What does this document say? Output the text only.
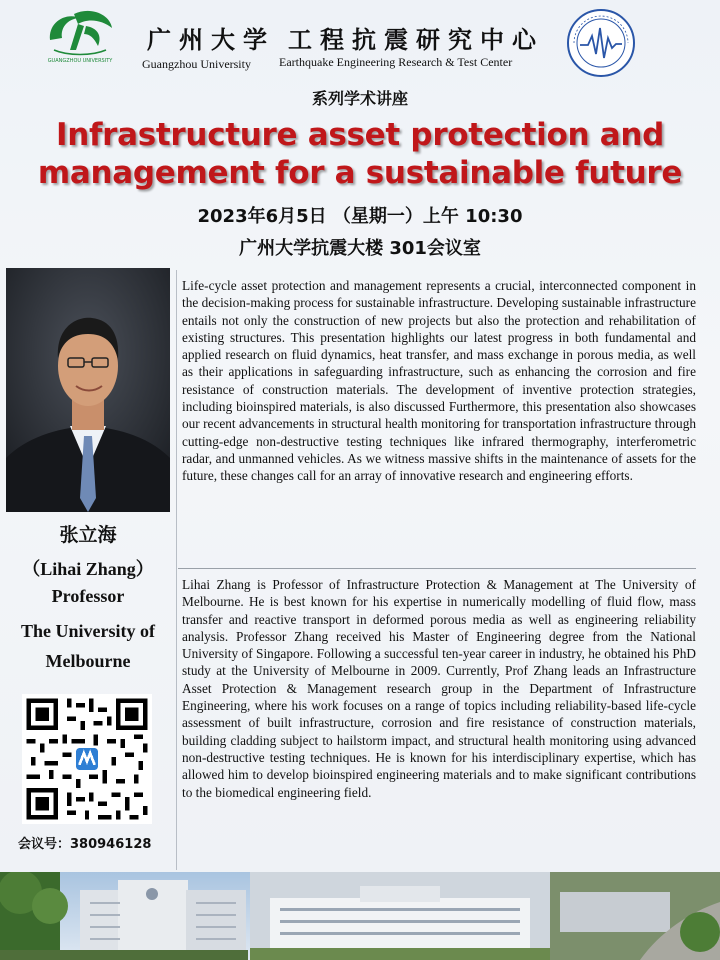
GUANGZHOU UNIVERSITY
广州大学
Guangzhou University
工程抗震研究中心
Earthquake Engineering Research & Test Center
系列学术讲座
Infrastructure asset protection and management for a sustainable future
2023年6月5日 （星期一）上午 10:30
广州大学抗震大楼 301会议室
张立海
（Lihai Zhang）
Professor
The University of Melbourne
会议号：380946128
Life-cycle asset protection and management represents a crucial, interconnected component in the decision-making process for sustainable infrastructure. Developing sustainable infrastructure entails not only the construction of new projects but also the protection and rehabilitation of existing structures. This presentation highlights our latest progress in both fundamental and applied research on fluid dynamics, heat transfer, and mass exchange in porous media, as well as their applications in safeguarding infrastructure, such as enhancing the corrosion and fire resistance of construction materials. The development of inventive protection strategies, including bioinspired materials, is also discussed Furthermore, this presentation also showcases our recent advancements in structural health monitoring for transportation infrastructure through cutting-edge non-destructive testing techniques like infrared thermography, interferometric radar, and unmanned vehicles. As we witness massive shifts in the maintenance of assets for the future, these changes call for an array of innovative research and engineering efforts.
Lihai Zhang is Professor of Infrastructure Protection & Management at The University of Melbourne. He is best known for his expertise in numerically modelling of fluid flow, mass transfer and reactive transport in deformed porous media as well as engineering reliability analysis. Professor Zhang received his Master of Engineering degree from the National University of Singapore. Following a successful ten-year career in industry, he obtained his PhD study at the University of Melbourne in 2009. Currently, Prof Zhang leads an Infrastructure Asset Protection & Management research group in the Department of Infrastructure Engineering, where his work focuses on a range of topics including reliability-based life-cycle assessment of built infrastructure, corrosion and fire resistance of construction materials, building cladding subject to hailstorm impact, and structural health monitoring using advanced non-destructive testing techniques. He is known for his interdisciplinary expertise, which has allowed him to develop bioinspired engineering materials and to make significant contributions to the biomedical engineering field.
